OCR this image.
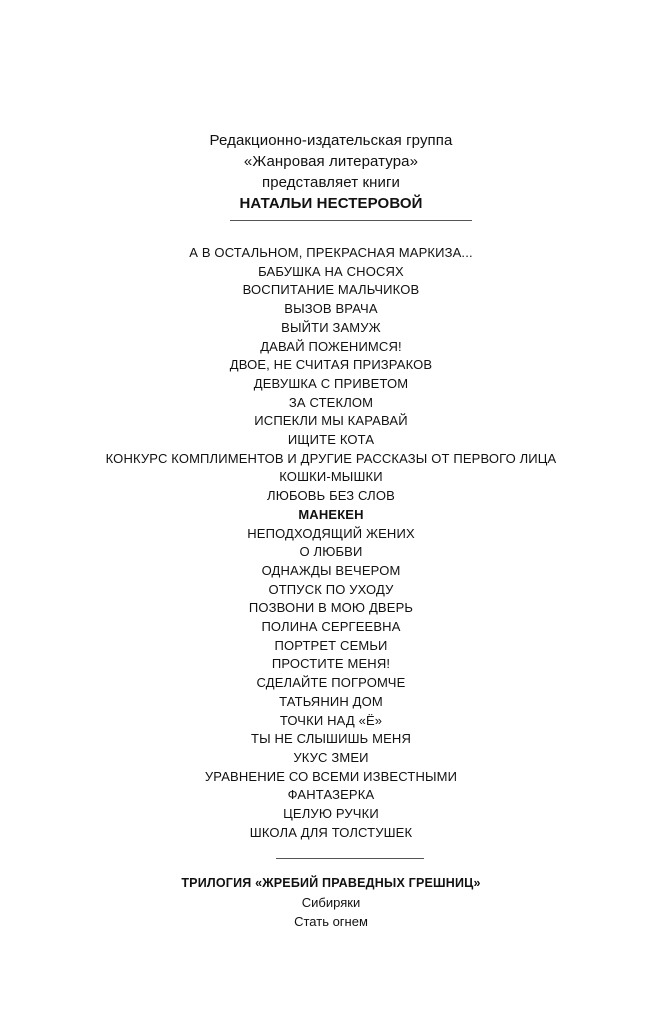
Редакционно-издательская группа
«Жанровая литература»
представляет книги
НАТАЛЬИ НЕСТЕРОВОЙ
А В ОСТАЛЬНОМ, ПРЕКРАСНАЯ МАРКИЗА...
БАБУШКА НА СНОСЯХ
ВОСПИТАНИЕ МАЛЬЧИКОВ
ВЫЗОВ ВРАЧА
ВЫЙТИ ЗАМУЖ
ДАВАЙ ПОЖЕНИМСЯ!
ДВОЕ, НЕ СЧИТАЯ ПРИЗРАКОВ
ДЕВУШКА С ПРИВЕТОМ
ЗА СТЕКЛОМ
ИСПЕКЛИ МЫ КАРАВАЙ
ИЩИТЕ КОТА
КОНКУРС КОМПЛИМЕНТОВ И ДРУГИЕ РАССКАЗЫ ОТ ПЕРВОГО ЛИЦА
КОШКИ-МЫШКИ
ЛЮБОВЬ БЕЗ СЛОВ
МАНЕКЕН
НЕПОДХОДЯЩИЙ ЖЕНИХ
О ЛЮБВИ
ОДНАЖДЫ ВЕЧЕРОМ
ОТПУСК ПО УХОДУ
ПОЗВОНИ В МОЮ ДВЕРЬ
ПОЛИНА СЕРГЕЕВНА
ПОРТРЕТ СЕМЬИ
ПРОСТИТЕ МЕНЯ!
СДЕЛАЙТЕ ПОГРОМЧЕ
ТАТЬЯНИН ДОМ
ТОЧКИ НАД «Ё»
ТЫ НЕ СЛЫШИШЬ МЕНЯ
УКУС ЗМЕИ
УРАВНЕНИЕ СО ВСЕМИ ИЗВЕСТНЫМИ
ФАНТАЗЕРКА
ЦЕЛУЮ РУЧКИ
ШКОЛА ДЛЯ ТОЛСТУШЕК
ТРИЛОГИЯ «ЖРЕБИЙ ПРАВЕДНЫХ ГРЕШНИЦ»
Сибиряки
Стать огнем
